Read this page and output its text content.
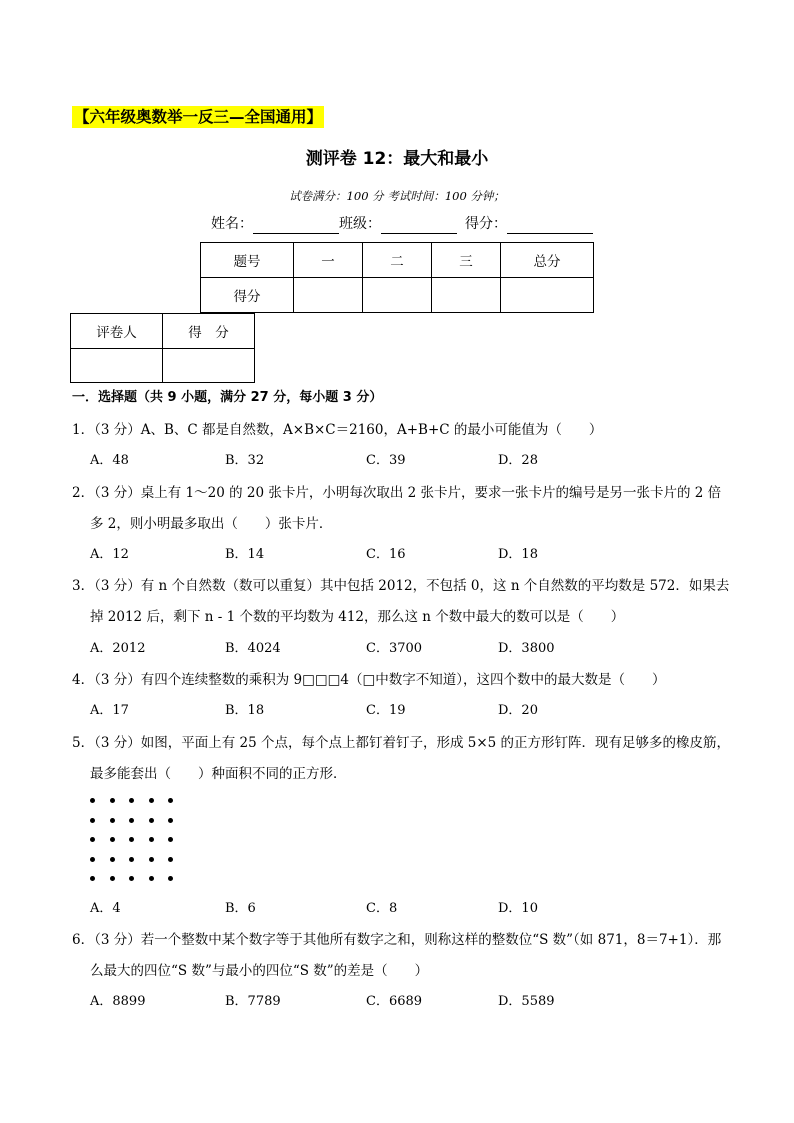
【六年级奥数举一反三—全国通用】
测评卷 12：最大和最小
试卷满分：100 分 考试时间：100 分钟；
姓名：	班级：	得分：
题号	一	二	三	总分
得分				
评卷人	得　分

一．选择题（共 9 小题，满分 27 分，每小题 3 分）
1．（3 分）A、B、C 都是自然数，A×B×C＝2160，A+B+C 的最小可能值为（　　）
A．48	B．32	C．39	D．28
2．（3 分）桌上有 1～20 的 20 张卡片，小明每次取出 2 张卡片，要求一张卡片的编号是另一张卡片的 2 倍
多 2，则小明最多取出（　　）张卡片．
A．12	B．14	C．16	D．18
3．（3 分）有 n 个自然数（数可以重复）其中包括 2012，不包括 0，这 n 个自然数的平均数是 572．如果去
掉 2012 后，剩下 n - 1 个数的平均数为 412，那么这 n 个数中最大的数可以是（　　）
A．2012	B．4024	C．3700	D．3800
4．（3 分）有四个连续整数的乘积为 9□□□4（□中数字不知道），这四个数中的最大数是（　　）
A．17	B．18	C．19	D．20
5．（3 分）如图，平面上有 25 个点，每个点上都钉着钉子，形成 5×5 的正方形钉阵．现有足够多的橡皮筋，
最多能套出（　　）种面积不同的正方形．
A．4	B．6	C．8	D．10
6．（3 分）若一个整数中某个数字等于其他所有数字之和，则称这样的整数位“S 数”（如 871，8＝7+1）．那
么最大的四位“S 数”与最小的四位“S 数”的差是（　　）
A．8899	B．7789	C．6689	D．5589
